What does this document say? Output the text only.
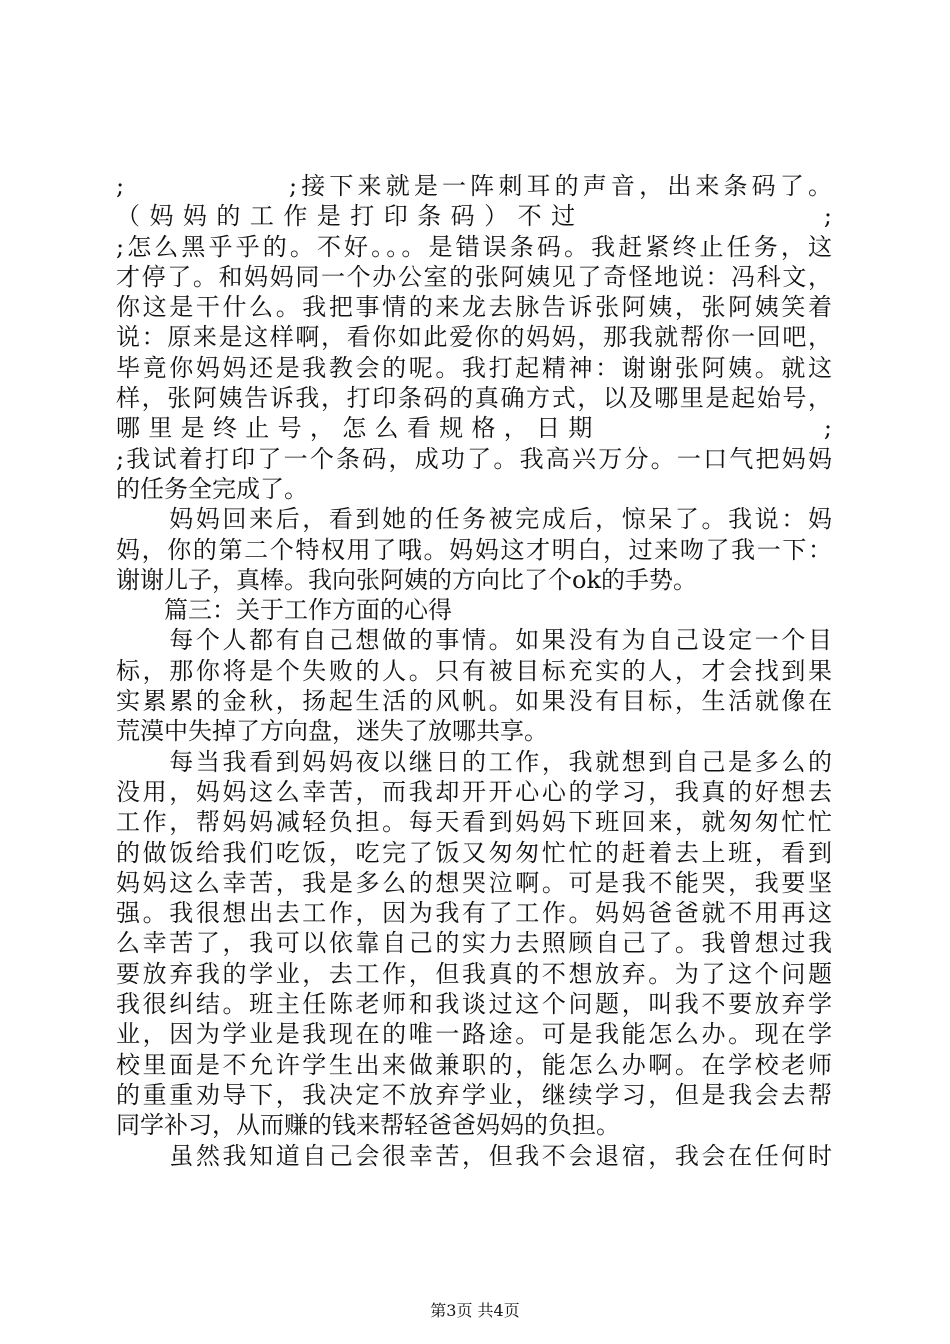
;              ;接下来就是一阵刺耳的声音，出来条码了。
（妈妈的工作是打印条码）不过              ;
;怎么黑乎乎的。不好。。。是错误条码。我赶紧终止任务，这
才停了。和妈妈同一个办公室的张阿姨见了奇怪地说：冯科文，
你这是干什么。我把事情的来龙去脉告诉张阿姨，张阿姨笑着
说：原来是这样啊，看你如此爱你的妈妈，那我就帮你一回吧，
毕竟你妈妈还是我教会的呢。我打起精神：谢谢张阿姨。就这
样，张阿姨告诉我，打印条码的真确方式，以及哪里是起始号，
哪里是终止号，怎么看规格，日期              ;
;我试着打印了一个条码，成功了。我高兴万分。一口气把妈妈
的任务全完成了。
　　妈妈回来后，看到她的任务被完成后，惊呆了。我说：妈
妈，你的第二个特权用了哦。妈妈这才明白，过来吻了我一下：
谢谢儿子，真棒。我向张阿姨的方向比了个ok的手势。
　　篇三：关于工作方面的心得
　　每个人都有自己想做的事情。如果没有为自己设定一个目
标，那你将是个失败的人。只有被目标充实的人，才会找到果
实累累的金秋，扬起生活的风帆。如果没有目标，生活就像在
荒漠中失掉了方向盘，迷失了放哪共享。
　　每当我看到妈妈夜以继日的工作，我就想到自己是多么的
没用，妈妈这么幸苦，而我却开开心心的学习，我真的好想去
工作，帮妈妈减轻负担。每天看到妈妈下班回来，就匆匆忙忙
的做饭给我们吃饭，吃完了饭又匆匆忙忙的赶着去上班，看到
妈妈这么幸苦，我是多么的想哭泣啊。可是我不能哭，我要坚
强。我很想出去工作，因为我有了工作。妈妈爸爸就不用再这
么幸苦了，我可以依靠自己的实力去照顾自己了。我曾想过我
要放弃我的学业，去工作，但我真的不想放弃。为了这个问题
我很纠结。班主任陈老师和我谈过这个问题，叫我不要放弃学
业，因为学业是我现在的唯一路途。可是我能怎么办。现在学
校里面是不允许学生出来做兼职的，能怎么办啊。在学校老师
的重重劝导下，我决定不放弃学业，继续学习，但是我会去帮
同学补习，从而赚的钱来帮轻爸爸妈妈的负担。
　　虽然我知道自己会很幸苦，但我不会退宿，我会在任何时
第3页 共4页
